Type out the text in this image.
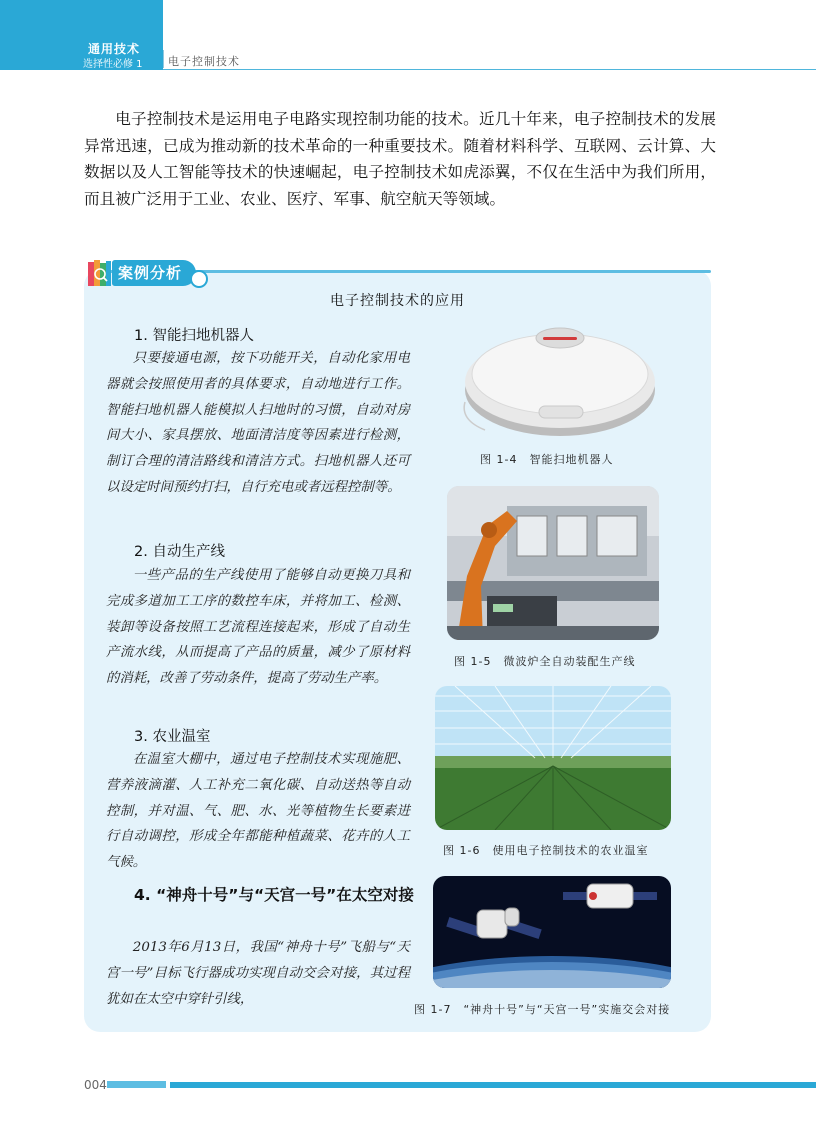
通用技术
选择性必修 1 电子控制技术

电子控制技术是运用电子电路实现控制功能的技术。近几十年来，电子控制技术的发展异常迅速，已成为推动新的技术革命的一种重要技术。随着材料科学、互联网、云计算、大数据以及人工智能等技术的快速崛起，电子控制技术如虎添翼，不仅在生活中为我们所用，而且被广泛用于工业、农业、医疗、军事、航空航天等领域。

案例分析
电子控制技术的应用
1. 智能扫地机器人

只要接通电源，按下功能开关，自动化家用电器就会按照使用者的具体要求，自动地进行工作。智能扫地机器人能模拟人扫地时的习惯，自动对房间大小、家具摆放、地面清洁度等因素进行检测，制订合理的清洁路线和清洁方式。扫地机器人还可以设定时间预约打扫，自行充电或者远程控制等。

2. 自动生产线

一些产品的生产线使用了能够自动更换刀具和完成多道加工工序的数控车床，并将加工、检测、装卸等设备按照工艺流程连接起来，形成了自动生产流水线，从而提高了产品的质量，减少了原材料的消耗，改善了劳动条件，提高了劳动生产率。

3. 农业温室

在温室大棚中，通过电子控制技术实现施肥、营养液滴灌、人工补充二氧化碳、自动送热等自动控制，并对温、气、肥、水、光等植物生长要素进行自动调控，形成全年都能种植蔬菜、花卉的人工气候。

4. “神舟十号”与“天宫一号”在太空对接

2013年6月13日，我国“神舟十号”飞船与“天宫一号”目标飞行器成功实现自动交会对接，其过程犹如在太空中穿针引线，

图 1-4　智能扫地机器人
图 1-5　微波炉全自动装配生产线
图 1-6　使用电子控制技术的农业温室
图 1-7　“神舟十号”与“天宫一号”实施交会对接
004
